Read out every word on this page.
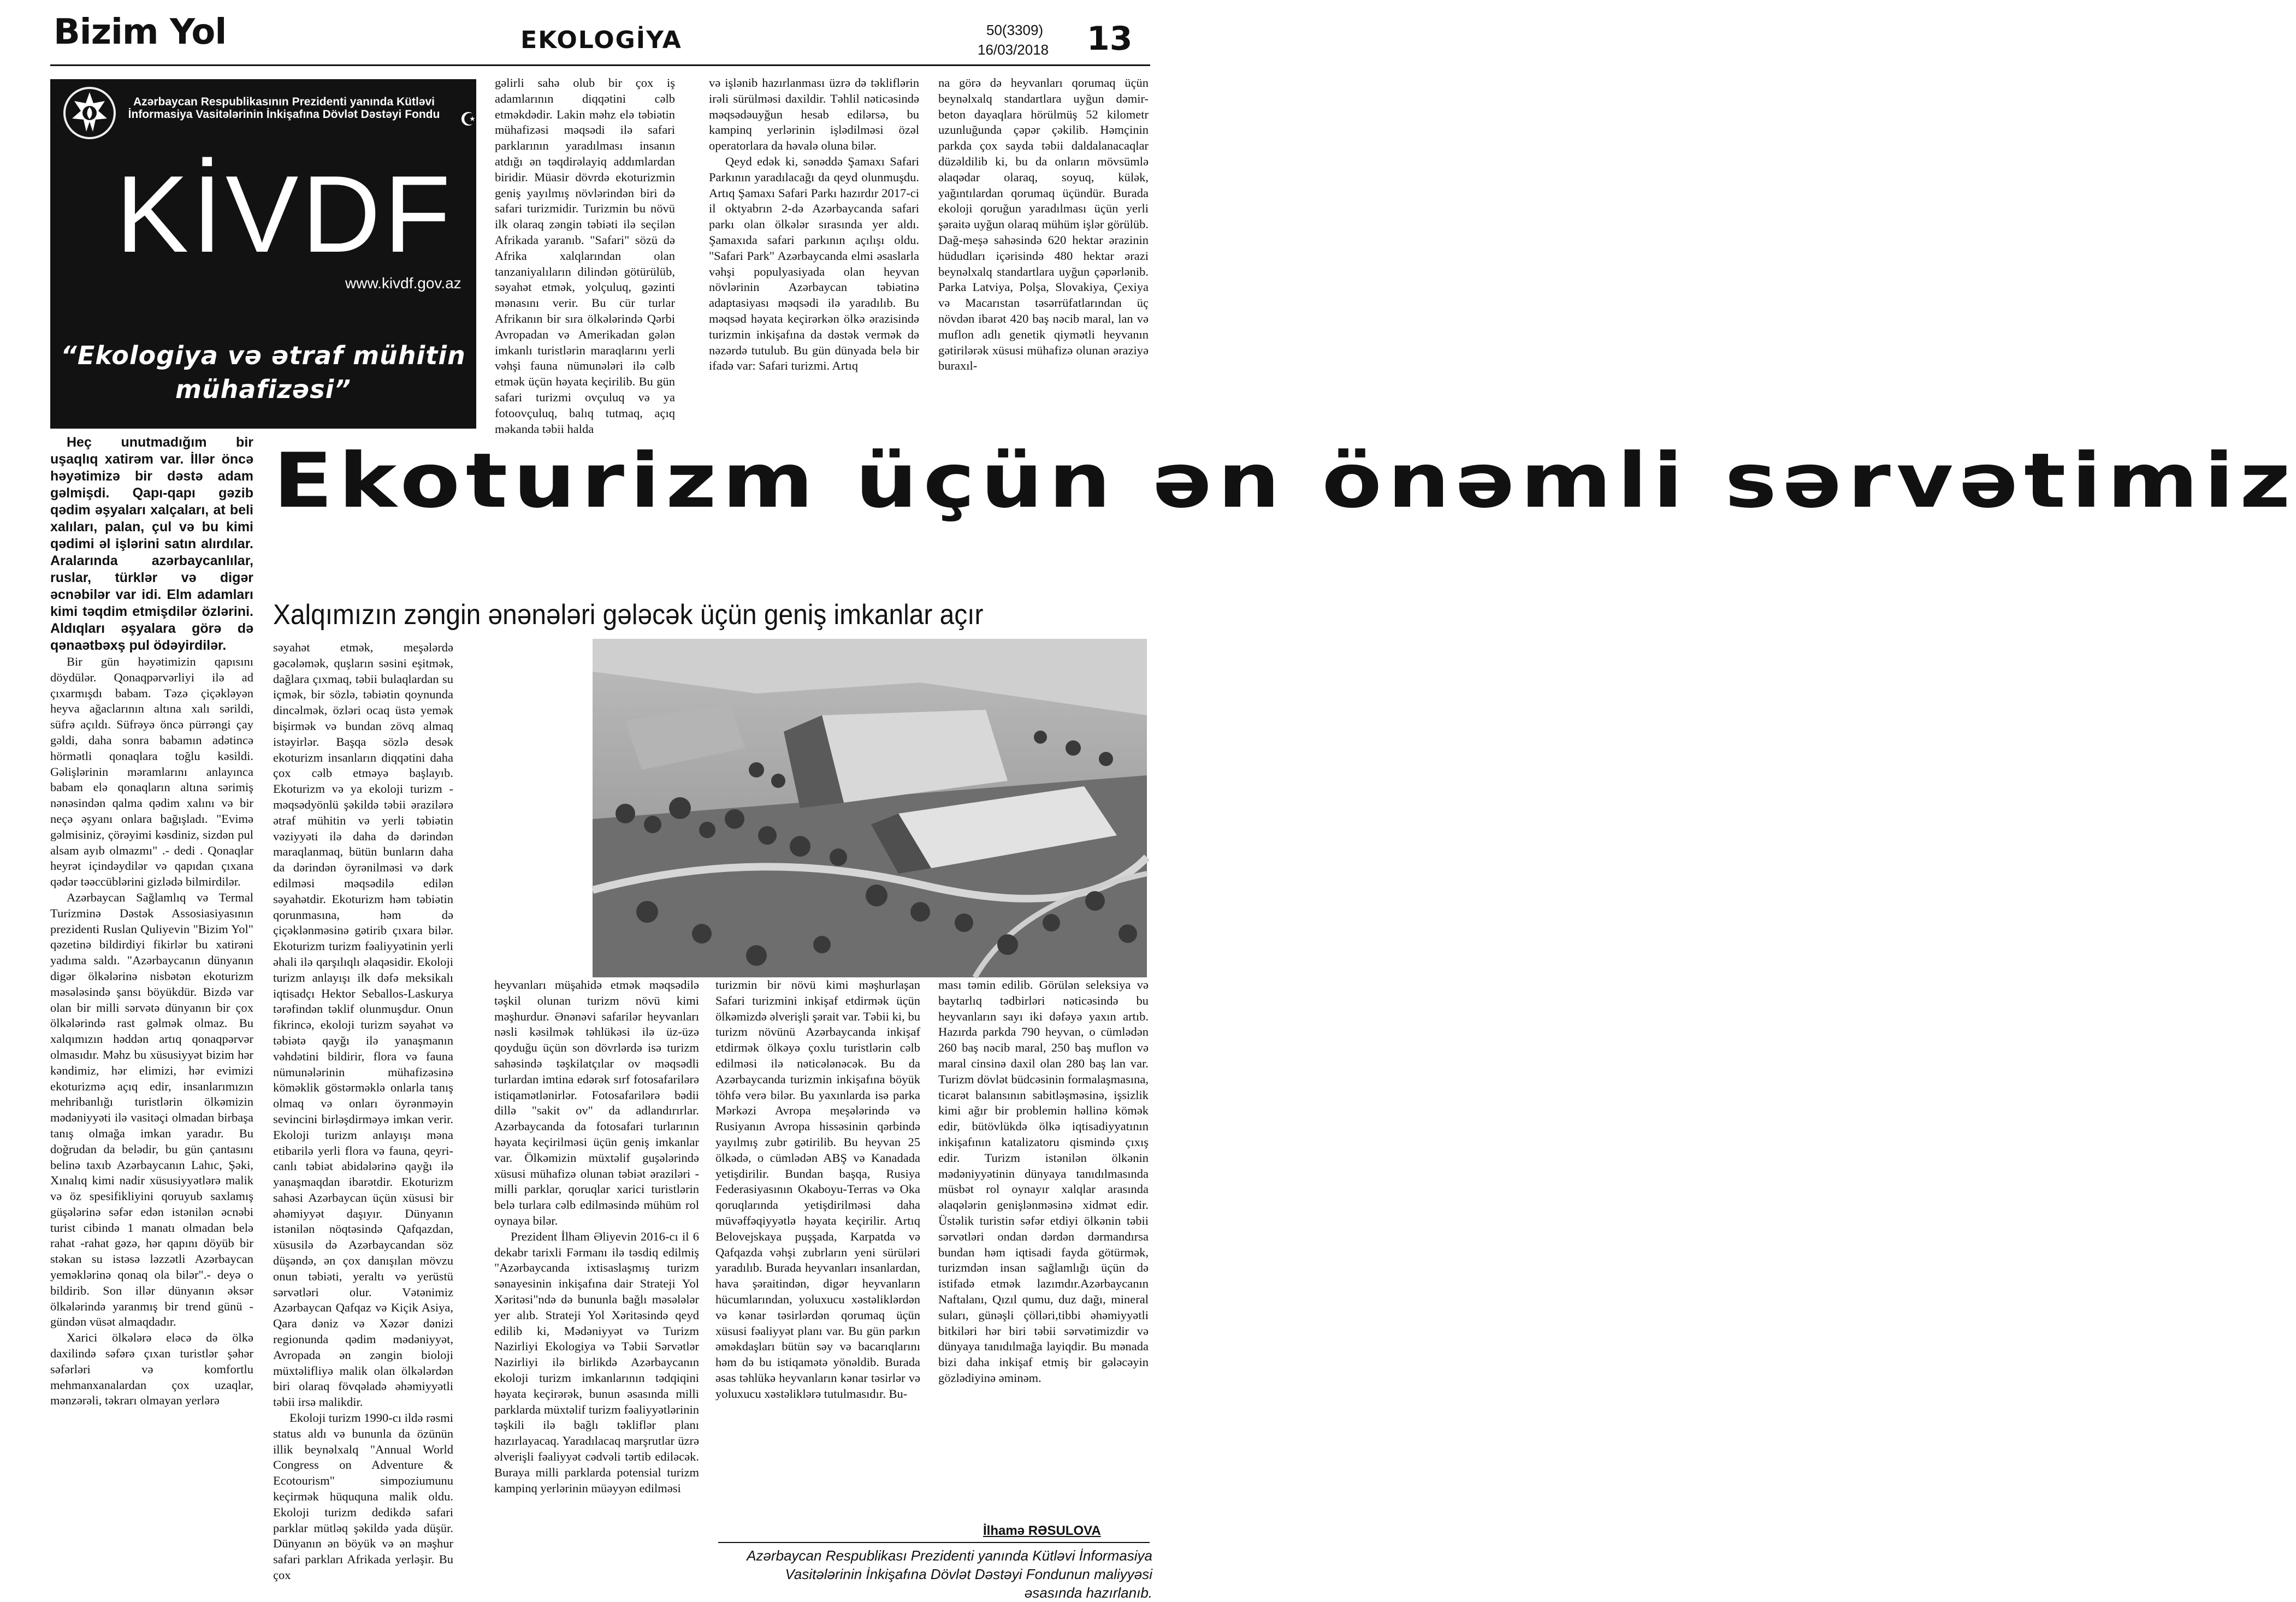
Bizim Yol	EKOLOGİYA	50(3309)
16/03/2018 13
Azərbaycan Respublikasının Prezidenti yanında Kütləvi İnformasiya Vasitələrinin İnkişafına Dövlət Dəstəyi Fondu ☪
KİVDF
www.kivdf.gov.az
“Ekologiya və ətraf mühitin mühafizəsi”

gəlirli sahə olub bir çox iş adamlarının diqqətini cəlb etməkdədir. Lakin məhz elə təbiətin mühafizəsi məqsədi ilə safari parklarının yaradılması insanın atdığı ən təqdirəlayiq addımlardan biridir. Müasir dövrdə ekoturizmin geniş yayılmış növlərindən biri də safari turizmidir. Turizmin bu növü ilk olaraq zəngin təbiəti ilə seçilən Afrikada yaranıb. "Safari" sözü də Afrika xalqlarından olan tanzaniyalıların dilindən götürülüb, səyahət etmək, yolçuluq, gəzinti mənasını verir. Bu cür turlar Afrikanın bir sıra ölkələrində Qərbi Avropadan və Amerikadan gələn imkanlı turistlərin maraqlarını yerli vəhşi fauna nümunələri ilə cəlb etmək üçün həyata keçirilib. Bu gün safari turizmi ovçuluq və ya fotoovçuluq, balıq tutmaq, açıq məkanda təbii halda

və işlənib hazırlanması üzrə də təkliflərin irəli sürülməsi daxildir. Təhlil nəticəsində məqsədəuyğun hesab edilərsə, bu kampinq yerlərinin işlədilməsi özəl operatorlara da həvalə oluna bilər.

Qeyd edək ki, sənəddə Şamaxı Safari Parkının yaradılacağı da qeyd olunmuşdu. Artıq Şamaxı Safari Parkı hazırdır 2017-ci il oktyabrın 2-də Azərbaycanda safari parkı olan ölkələr sırasında yer aldı. Şamaxıda safari parkının açılışı oldu. "Safari Park" Azərbaycanda elmi əsaslarla vəhşi populyasiyada olan heyvan növlərinin Azərbaycan təbiətinə adaptasiyası məqsədi ilə yaradılıb. Bu məqsəd həyata keçirərkən ölkə ərazisində turizmin inkişafına da dəstək vermək də nəzərdə tutulub. Bu gün dünyada belə bir ifadə var: Safari turizmi. Artıq

na görə də heyvanları qorumaq üçün beynəlxalq standartlara uyğun dəmir-beton dayaqlara hörülmüş 52 kilometr uzunluğunda çəpər çəkilib. Həmçinin parkda çox sayda təbii daldalanacaqlar düzəldilib ki, bu da onların mövsümlə əlaqədar olaraq, soyuq, külək, yağıntılardan qorumaq üçündür. Burada ekoloji qoruğun yaradılması üçün yerli şəraitə uyğun olaraq mühüm işlər görülüb. Dağ-meşə sahəsində 620 hektar ərazinin hüdudları içərisində 480 hektar ərazi beynəlxalq standartlara uyğun çəpərlənib. Parka Latviya, Polşa, Slovakiya, Çexiya və Macarıstan təsərrüfatlarından üç növdən ibarət 420 baş nəcib maral, lan və muflon adlı genetik qiymətli heyvanın gətirilərək xüsusi mühafizə olunan əraziyə buraxıl-

Heç unutmadığım bir uşaqlıq xatirəm var. İllər öncə həyətimizə bir dəstə adam gəlmişdi. Qapı-qapı gəzib qədim əşyaları xalçaları, at beli xalıları, palan, çul və bu kimi qədimi əl işlərini satın alırdılar. Aralarında azərbaycanlılar, ruslar, türklər və digər əcnəbilər var idi. Elm adamları kimi təqdim etmişdilər özlərini. Aldıqları əşyalara görə də qənaətbəxş pul ödəyirdilər.

Bir gün həyətimizin qapısını döydülər. Qonaqpərvərliyi ilə ad çıxarmışdı babam. Təzə çiçəkləyən heyva ağaclarının altına xalı sərildi, süfrə açıldı. Süfrəyə öncə pürrəngi çay gəldi, daha sonra babamın adətincə hörmətli qonaqlara toğlu kəsildi. Gəlişlərinin məramlarını anlayınca babam elə qonaqların altına sərimiş nənəsindən qalma qədim xalını və bir neçə əşyanı onlara bağışladı. "Evimə gəlmisiniz, çörəyimi kəsdiniz, sizdən pul alsam ayıb olmazmı" .- dedi . Qonaqlar heyrət içindəydilər və qapıdan çıxana qədər təəccüblərini gizlədə bilmirdilər.

Azərbaycan Sağlamlıq və Termal Turizminə Dəstək Assosiasiyasının prezidenti Ruslan Quliyevin "Bizim Yol" qəzetinə bildirdiyi fikirlər bu xatirəni yadıma saldı. "Azərbaycanın dünyanın digər ölkələrinə nisbətən ekoturizm məsələsində şansı böyükdür. Bizdə var olan bir milli sərvətə dünyanın bir çox ölkələrində rast gəlmək olmaz. Bu xalqımızın həddən artıq qonaqpərvər olmasıdır. Məhz bu xüsusiyyət bizim hər kəndimiz, hər elimizi, hər evimizi ekoturizmə açıq edir, insanlarımızın mehribanlığı turistlərin ölkəmizin mədəniyyəti ilə vasitəçi olmadan birbaşa tanış olmağa imkan yaradır. Bu doğrudan da belədir, bu gün çantasını belinə taxıb Azərbaycanın Lahıc, Şəki, Xınalıq kimi nadir xüsusiyyətlərə malik və öz spesifikliyini qoruyub saxlamış güşələrinə səfər edən istənilən əcnəbi turist cibində 1 manatı olmadan belə rahat -rahat gəzə, hər qapını döyüb bir stəkan su istəsə ləzzətli Azərbaycan yeməklərinə qonaq ola bilər".- deyə o bildirib. Son illər dünyanın əksər ölkələrində yaranmış bir trend günü -gündən vüsət almaqdadır.

Xarici ölkələrə eləcə də ölkə daxilində səfərə çıxan turistlər şəhər səfərləri və komfortlu mehmanxanalardan çox uzaqlar, mənzərəli, təkrarı olmayan yerlərə

Ekoturizm üçün ən önəmli sərvətimiz
Xalqımızın zəngin ənənələri gələcək üçün geniş imkanlar açır

səyahət etmək, meşələrdə gəcələmək, quşların səsini eşitmək, dağlara çıxmaq, təbii bulaqlardan su içmək, bir sözlə, təbiətin qoynunda dincəlmək, özləri ocaq üstə yemək bişirmək və bundan zövq almaq istəyirlər. Başqa sözlə desək ekoturizm insanların diqqətini daha çox cəlb etməyə başlayıb. Ekoturizm və ya ekoloji turizm - məqsədyönlü şəkildə təbii ərazilərə ətraf mühitin və yerli təbiətin vəziyyəti ilə daha də dərindən maraqlanmaq, bütün bunların daha da dərindən öyrənilməsi və dərk edilməsi məqsədilə edilən səyahətdir. Ekoturizm həm təbiətin qorunmasına, həm də çiçəklənməsinə gətirib çıxara bilər. Ekoturizm turizm fəaliyyətinin yerli əhali ilə qarşılıqlı əlaqəsidir. Ekoloji turizm anlayışı ilk dəfə meksikalı iqtisadçı Hektor Seballos-Laskurya tərəfindən təklif olunmuşdur. Onun fikrincə, ekoloji turizm səyahət və təbiətə qayğı ilə yanaşmanın vəhdətini bildirir, flora və fauna nümunələrinin mühafizəsinə köməklik göstərməklə onlarla tanış olmaq və onları öyrənməyin sevincini birləşdirməyə imkan verir. Ekoloji turizm anlayışı məna etibarilə yerli flora və fauna, qeyri-canlı təbiət abidələrinə qayğı ilə yanaşmaqdan ibarətdir. Ekoturizm sahəsi Azərbaycan üçün xüsusi bir əhəmiyyət daşıyır. Dünyanın istənilən nöqtəsində Qafqazdan, xüsusilə də Azərbaycandan söz düşəndə, ən çox danışılan mövzu onun təbiəti, yeraltı və yerüstü sərvətləri olur. Vətənimiz Azərbaycan Qafqaz və Kiçik Asiya, Qara dəniz və Xəzər dənizi regionunda qədim mədəniyyət, Avropada ən zəngin bioloji müxtəlifliyə malik olan ölkələrdən biri olaraq fövqəladə əhəmiyyətli təbii irsə malikdir.

Ekoloji turizm 1990-cı ildə rəsmi status aldı və bununla da özünün illik beynəlxalq "Annual World Congress on Adventure & Ecotourism" simpoziumunu keçirmək hüququna malik oldu. Ekoloji turizm dedikdə safari parklar mütləq şəkildə yada düşür. Dünyanın ən böyük və ən məşhur safari parkları Afrikada yerləşir. Bu çox

heyvanları müşahidə etmək məqsədilə təşkil olunan turizm növü kimi məşhurdur. Ənənəvi safarilər heyvanları nəsli kəsilmək təhlükəsi ilə üz-üzə qoyduğu üçün son dövrlərdə isə turizm sahəsində təşkilatçılar ov məqsədli turlardan imtina edərək sırf fotosafarilərə istiqamətlənirlər. Fotosafarilərə bədii dillə "sakit ov" da adlandırırlar. Azərbaycanda da fotosafari turlarının həyata keçirilməsi üçün geniş imkanlar var. Ölkəmizin müxtəlif guşələrində xüsusi mühafizə olunan təbiət əraziləri - milli parklar, qoruqlar xarici turistlərin belə turlara cəlb edilməsində mühüm rol oynaya bilər.

Prezident İlham Əliyevin 2016-cı il 6 dekabr tarixli Fərmanı ilə təsdiq edilmiş "Azərbaycanda ixtisaslaşmış turizm sənayesinin inkişafına dair Strateji Yol Xəritəsi"ndə də bununla bağlı məsələlər yer alıb. Strateji Yol Xəritəsində qeyd edilib ki, Mədəniyyət və Turizm Nazirliyi Ekologiya və Təbii Sərvətlər Nazirliyi ilə birlikdə Azərbaycanın ekoloji turizm imkanlarının tədqiqini həyata keçirərək, bunun əsasında milli parklarda müxtəlif turizm fəaliyyətlərinin təşkili ilə bağlı təkliflər planı hazırlayacaq. Yaradılacaq marşrutlar üzrə əlverişli fəaliyyət cədvəli tərtib ediləcək. Buraya milli parklarda potensial turizm kampinq yerlərinin müəyyən edilməsi

turizmin bir növü kimi məşhurlaşan Safari turizmini inkişaf etdirmək üçün ölkəmizdə əlverişli şərait var. Təbii ki, bu turizm növünü Azərbaycanda inkişaf etdirmək ölkəyə çoxlu turistlərin cəlb edilməsi ilə nəticələnəcək. Bu da Azərbaycanda turizmin inkişafına böyük töhfə verə bilər. Bu yaxınlarda isə parka Mərkəzi Avropa meşələrində və Rusiyanın Avropa hissəsinin qərbində yayılmış zubr gətirilib. Bu heyvan 25 ölkədə, o cümlədən ABŞ və Kanadada yetişdirilir. Bundan başqa, Rusiya Federasiyasının Okaboyu-Terras və Oka qoruqlarında yetişdirilməsi daha müvəffəqiyyətlə həyata keçirilir. Artıq Belovejskaya puşşada, Karpatda və Qafqazda vəhşi zubrların yeni sürüləri yaradılıb. Burada heyvanları insanlardan, hava şəraitindən, digər heyvanların hücumlarından, yoluxucu xəstəliklərdən və kənar təsirlərdən qorumaq üçün xüsusi fəaliyyət planı var. Bu gün parkın əməkdaşları bütün səy və bacarıqlarını həm də bu istiqamətə yönəldib. Burada əsas təhlükə heyvanların kənar təsirlər və yoluxucu xəstəliklərə tutulmasıdır. Bu-

ması təmin edilib. Görülən seleksiya və baytarlıq tədbirləri nəticəsində bu heyvanların sayı iki dəfəyə yaxın artıb. Hazırda parkda 790 heyvan, o cümlədən 260 baş nəcib maral, 250 baş muflon və maral cinsinə daxil olan 280 baş lan var. Turizm dövlət büdcəsinin formalaşmasına, ticarət balansının sabitləşməsinə, işsizlik kimi ağır bir problemin həllinə kömək edir, bütövlükdə ölkə iqtisadiyyatının inkişafının katalizatoru qismində çıxış edir. Turizm istənilən ölkənin mədəniyyətinin dünyaya tanıdılmasında müsbət rol oynayır xalqlar arasında əlaqələrin genişlənməsinə xidmət edir. Üstəlik turistin səfər etdiyi ölkənin təbii sərvətləri ondan dərdən dərmandırsa bundan həm iqtisadi fayda götürmək, turizmdən insan sağlamlığı üçün də istifadə etmək lazımdır.Azərbaycanın Naftalanı, Qızıl qumu, duz dağı, mineral suları, günəşli çölləri,tibbi əhəmiyyətli bitkiləri hər biri təbii sərvətimizdir və dünyaya tanıdılmağa layiqdir. Bu mənada bizi daha inkişaf etmiş bir gələcəyin gözlədiyinə əminəm.

İlhamə RƏSULOVA
Azərbaycan Respublikası Prezidenti yanında Kütləvi İnformasiya Vasitələrinin İnkişafına Dövlət Dəstəyi Fondunun maliyyəsi əsasında hazırlanıb.
